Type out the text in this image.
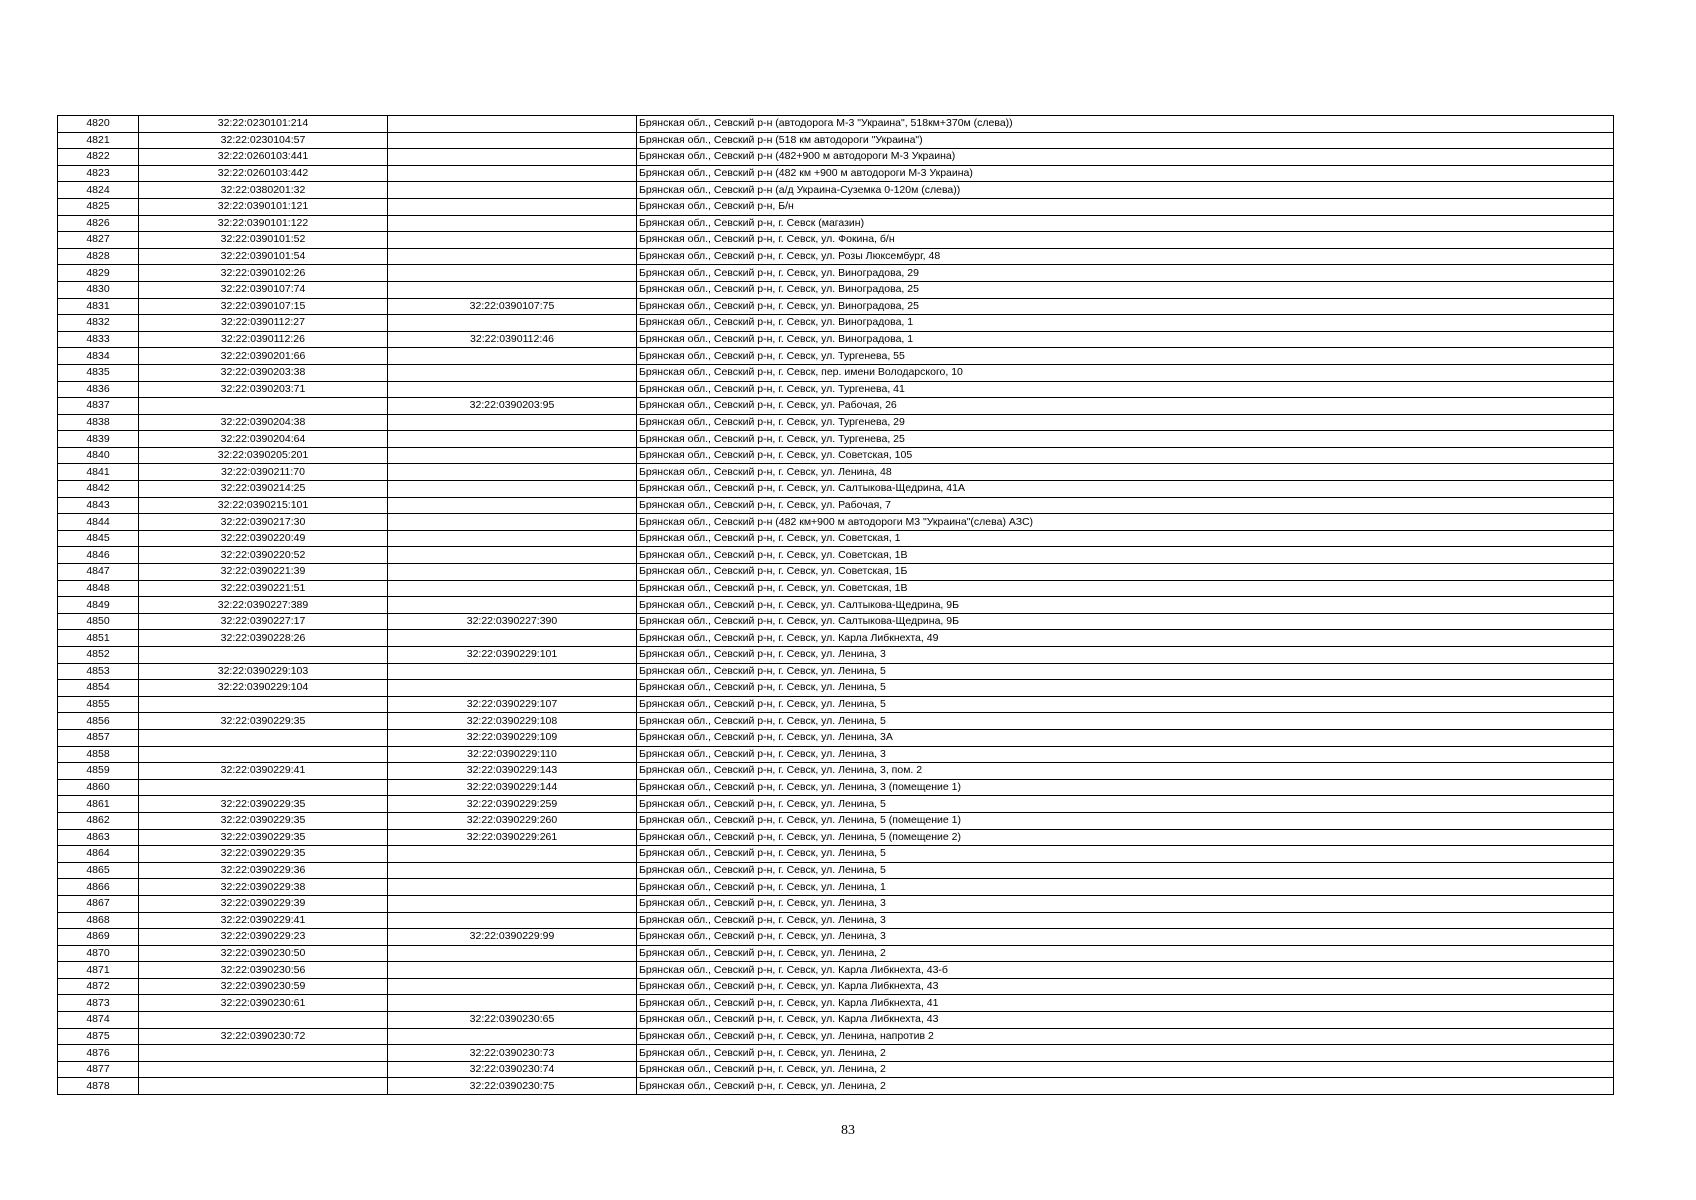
4820	32:22:0230101:214		Брянская обл., Севский р-н (автодорога М-3 "Украина", 518км+370м (слева))
4821	32:22:0230104:57		Брянская обл., Севский р-н (518 км автодороги "Украина")
4822	32:22:0260103:441		Брянская обл., Севский р-н (482+900 м автодороги М-3 Украина)
4823	32:22:0260103:442		Брянская обл., Севский р-н (482 км +900 м автодороги М-3 Украина)
4824	32:22:0380201:32		Брянская обл., Севский р-н (а/д Украина-Суземка 0-120м (слева))
4825	32:22:0390101:121		Брянская обл., Севский р-н, Б/н
4826	32:22:0390101:122		Брянская обл., Севский р-н, г. Севск (магазин)
4827	32:22:0390101:52		Брянская обл., Севский р-н, г. Севск, ул. Фокина, б/н
4828	32:22:0390101:54		Брянская обл., Севский р-н, г. Севск, ул. Розы Люксембург, 48
4829	32:22:0390102:26		Брянская обл., Севский р-н, г. Севск, ул. Виноградова, 29
4830	32:22:0390107:74		Брянская обл., Севский р-н, г. Севск, ул. Виноградова, 25
4831	32:22:0390107:15	32:22:0390107:75	Брянская обл., Севский р-н, г. Севск, ул. Виноградова, 25
4832	32:22:0390112:27		Брянская обл., Севский р-н, г. Севск, ул. Виноградова, 1
4833	32:22:0390112:26	32:22:0390112:46	Брянская обл., Севский р-н, г. Севск, ул. Виноградова, 1
4834	32:22:0390201:66		Брянская обл., Севский р-н, г. Севск, ул. Тургенева, 55
4835	32:22:0390203:38		Брянская обл., Севский р-н, г. Севск, пер. имени Володарского, 10
4836	32:22:0390203:71		Брянская обл., Севский р-н, г. Севск, ул. Тургенева, 41
4837		32:22:0390203:95	Брянская обл., Севский р-н, г. Севск, ул. Рабочая, 26
4838	32:22:0390204:38		Брянская обл., Севский р-н, г. Севск, ул. Тургенева, 29
4839	32:22:0390204:64		Брянская обл., Севский р-н, г. Севск, ул. Тургенева, 25
4840	32:22:0390205:201		Брянская обл., Севский р-н, г. Севск, ул. Советская, 105
4841	32:22:0390211:70		Брянская обл., Севский р-н, г. Севск, ул. Ленина, 48
4842	32:22:0390214:25		Брянская обл., Севский р-н, г. Севск, ул. Салтыкова-Щедрина, 41А
4843	32:22:0390215:101		Брянская обл., Севский р-н, г. Севск, ул. Рабочая, 7
4844	32:22:0390217:30		Брянская обл., Севский р-н (482 км+900 м автодороги М3 "Украина"(слева) АЗС)
4845	32:22:0390220:49		Брянская обл., Севский р-н, г. Севск, ул. Советская, 1
4846	32:22:0390220:52		Брянская обл., Севский р-н, г. Севск, ул. Советская, 1В
4847	32:22:0390221:39		Брянская обл., Севский р-н, г. Севск, ул. Советская, 1Б
4848	32:22:0390221:51		Брянская обл., Севский р-н, г. Севск, ул. Советская, 1В
4849	32:22:0390227:389		Брянская обл., Севский р-н, г. Севск, ул. Салтыкова-Щедрина, 9Б
4850	32:22:0390227:17	32:22:0390227:390	Брянская обл., Севский р-н, г. Севск, ул. Салтыкова-Щедрина, 9Б
4851	32:22:0390228:26		Брянская обл., Севский р-н, г. Севск, ул. Карла Либкнехта, 49
4852		32:22:0390229:101	Брянская обл., Севский р-н, г. Севск, ул. Ленина, 3
4853	32:22:0390229:103		Брянская обл., Севский р-н, г. Севск, ул. Ленина, 5
4854	32:22:0390229:104		Брянская обл., Севский р-н, г. Севск, ул. Ленина, 5
4855		32:22:0390229:107	Брянская обл., Севский р-н, г. Севск, ул. Ленина, 5
4856	32:22:0390229:35	32:22:0390229:108	Брянская обл., Севский р-н, г. Севск, ул. Ленина, 5
4857		32:22:0390229:109	Брянская обл., Севский р-н, г. Севск, ул. Ленина, 3А
4858		32:22:0390229:110	Брянская обл., Севский р-н, г. Севск, ул. Ленина, 3
4859	32:22:0390229:41	32:22:0390229:143	Брянская обл., Севский р-н, г. Севск, ул. Ленина, 3, пом. 2
4860		32:22:0390229:144	Брянская обл., Севский р-н, г. Севск, ул. Ленина, 3 (помещение 1)
4861	32:22:0390229:35	32:22:0390229:259	Брянская обл., Севский р-н, г. Севск, ул. Ленина, 5
4862	32:22:0390229:35	32:22:0390229:260	Брянская обл., Севский р-н, г. Севск, ул. Ленина, 5 (помещение 1)
4863	32:22:0390229:35	32:22:0390229:261	Брянская обл., Севский р-н, г. Севск, ул. Ленина, 5 (помещение 2)
4864	32:22:0390229:35		Брянская обл., Севский р-н, г. Севск, ул. Ленина, 5
4865	32:22:0390229:36		Брянская обл., Севский р-н, г. Севск, ул. Ленина, 5
4866	32:22:0390229:38		Брянская обл., Севский р-н, г. Севск, ул. Ленина, 1
4867	32:22:0390229:39		Брянская обл., Севский р-н, г. Севск, ул. Ленина, 3
4868	32:22:0390229:41		Брянская обл., Севский р-н, г. Севск, ул. Ленина, 3
4869	32:22:0390229:23	32:22:0390229:99	Брянская обл., Севский р-н, г. Севск, ул. Ленина, 3
4870	32:22:0390230:50		Брянская обл., Севский р-н, г. Севск, ул. Ленина, 2
4871	32:22:0390230:56		Брянская обл., Севский р-н, г. Севск, ул. Карла Либкнехта, 43-б
4872	32:22:0390230:59		Брянская обл., Севский р-н, г. Севск, ул. Карла Либкнехта, 43
4873	32:22:0390230:61		Брянская обл., Севский р-н, г. Севск, ул. Карла Либкнехта, 41
4874		32:22:0390230:65	Брянская обл., Севский р-н, г. Севск, ул. Карла Либкнехта, 43
4875	32:22:0390230:72		Брянская обл., Севский р-н, г. Севск, ул. Ленина, напротив 2
4876		32:22:0390230:73	Брянская обл., Севский р-н, г. Севск, ул. Ленина, 2
4877		32:22:0390230:74	Брянская обл., Севский р-н, г. Севск, ул. Ленина, 2
4878		32:22:0390230:75	Брянская обл., Севский р-н, г. Севск, ул. Ленина, 2
83
